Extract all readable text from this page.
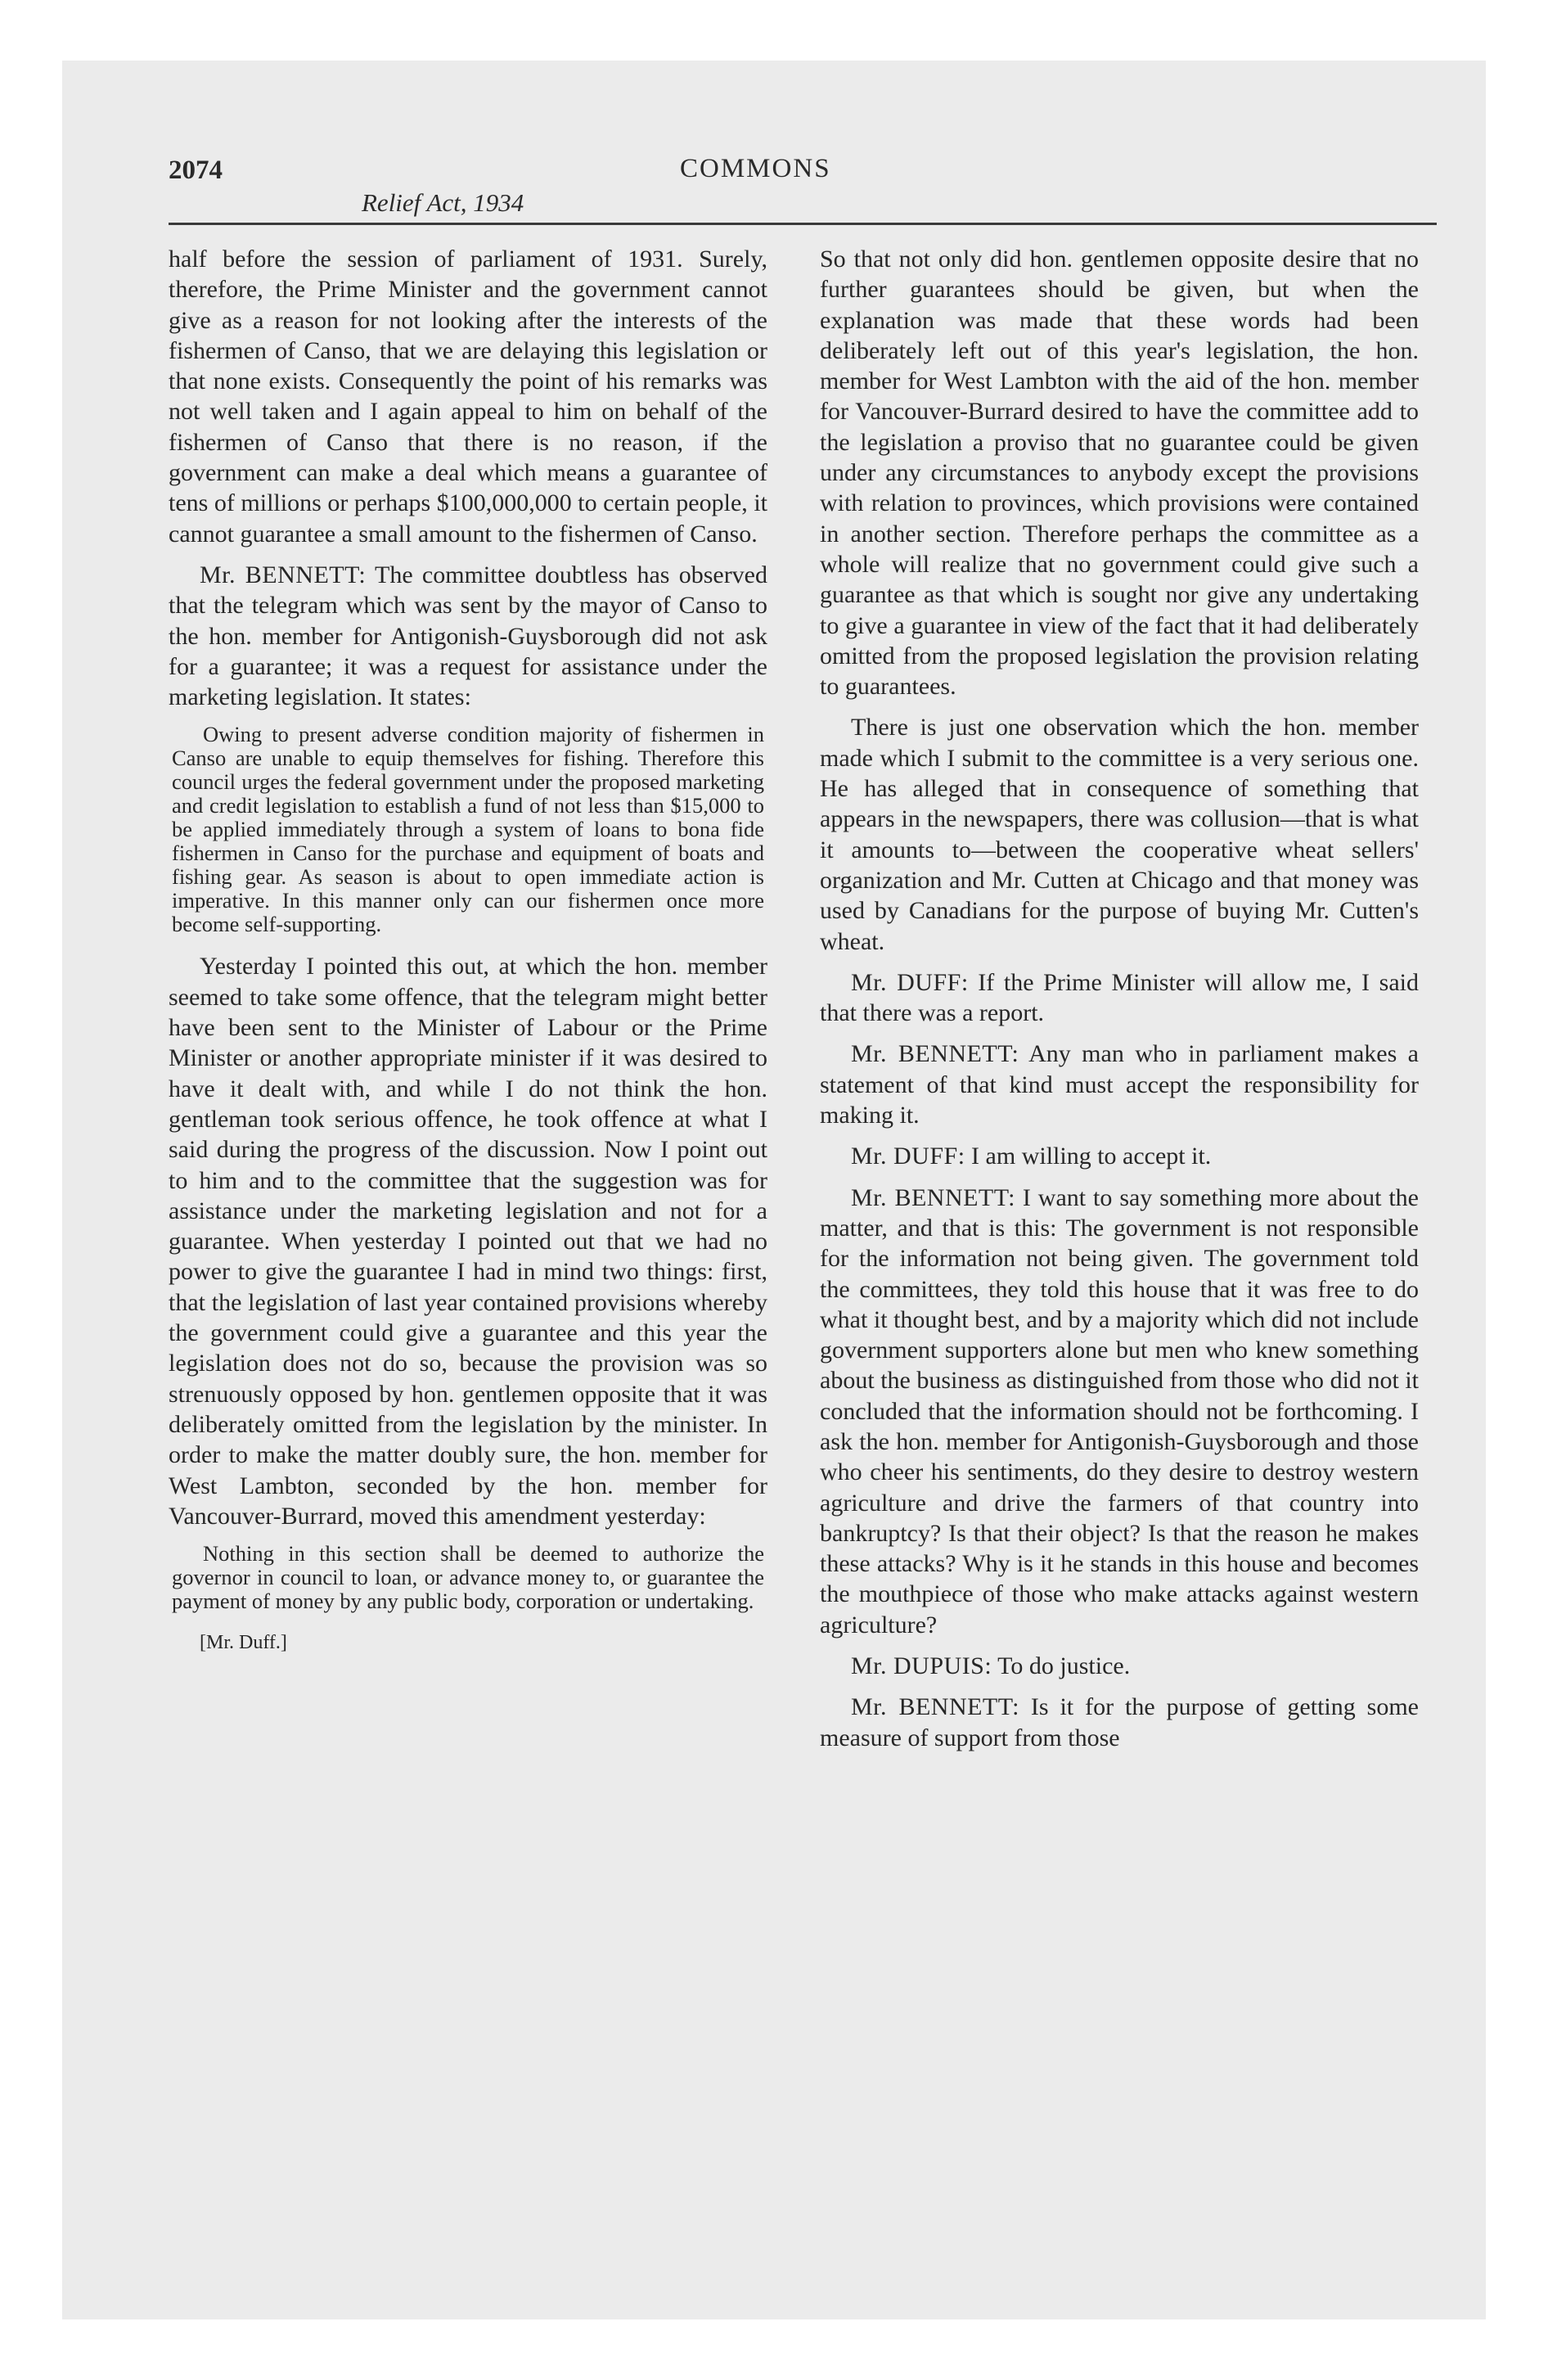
2074	COMMONS
Relief Act, 1934

half before the session of parliament of 1931. Surely, therefore, the Prime Minister and the government cannot give as a reason for not looking after the interests of the fishermen of Canso, that we are delaying this legislation or that none exists. Consequently the point of his remarks was not well taken and I again appeal to him on behalf of the fishermen of Canso that there is no reason, if the government can make a deal which means a guarantee of tens of millions or perhaps $100,000,000 to certain people, it cannot guarantee a small amount to the fishermen of Canso.

Mr. BENNETT: The committee doubtless has observed that the telegram which was sent by the mayor of Canso to the hon. member for Antigonish-Guysborough did not ask for a guarantee; it was a request for assistance under the marketing legislation. It states:

Owing to present adverse condition majority of fishermen in Canso are unable to equip themselves for fishing. Therefore this council urges the federal government under the proposed marketing and credit legislation to establish a fund of not less than $15,000 to be applied immediately through a system of loans to bona fide fishermen in Canso for the purchase and equipment of boats and fishing gear. As season is about to open immediate action is imperative. In this manner only can our fishermen once more become self-supporting.

Yesterday I pointed this out, at which the hon. member seemed to take some offence, that the telegram might better have been sent to the Minister of Labour or the Prime Minister or another appropriate minister if it was desired to have it dealt with, and while I do not think the hon. gentleman took serious offence, he took offence at what I said during the progress of the discussion. Now I point out to him and to the committee that the suggestion was for assistance under the marketing legislation and not for a guarantee. When yesterday I pointed out that we had no power to give the guarantee I had in mind two things: first, that the legislation of last year contained provisions whereby the government could give a guarantee and this year the legislation does not do so, because the provision was so strenuously opposed by hon. gentlemen opposite that it was deliberately omitted from the legislation by the minister. In order to make the matter doubly sure, the hon. member for West Lambton, seconded by the hon. member for Vancouver-Burrard, moved this amendment yesterday:

Nothing in this section shall be deemed to authorize the governor in council to loan, or advance money to, or guarantee the payment of money by any public body, corporation or undertaking.

[Mr. Duff.]

So that not only did hon. gentlemen opposite desire that no further guarantees should be given, but when the explanation was made that these words had been deliberately left out of this year's legislation, the hon. member for West Lambton with the aid of the hon. member for Vancouver-Burrard desired to have the committee add to the legislation a proviso that no guarantee could be given under any circumstances to anybody except the provisions with relation to provinces, which provisions were contained in another section. Therefore perhaps the committee as a whole will realize that no government could give such a guarantee as that which is sought nor give any undertaking to give a guarantee in view of the fact that it had deliberately omitted from the proposed legislation the provision relating to guarantees.

There is just one observation which the hon. member made which I submit to the committee is a very serious one. He has alleged that in consequence of something that appears in the newspapers, there was collusion—that is what it amounts to—between the cooperative wheat sellers' organization and Mr. Cutten at Chicago and that money was used by Canadians for the purpose of buying Mr. Cutten's wheat.

Mr. DUFF: If the Prime Minister will allow me, I said that there was a report.

Mr. BENNETT: Any man who in parliament makes a statement of that kind must accept the responsibility for making it.

Mr. DUFF: I am willing to accept it.

Mr. BENNETT: I want to say something more about the matter, and that is this: The government is not responsible for the information not being given. The government told the committees, they told this house that it was free to do what it thought best, and by a majority which did not include government supporters alone but men who knew something about the business as distinguished from those who did not it concluded that the information should not be forthcoming. I ask the hon. member for Antigonish-Guysborough and those who cheer his sentiments, do they desire to destroy western agriculture and drive the farmers of that country into bankruptcy? Is that their object? Is that the reason he makes these attacks? Why is it he stands in this house and becomes the mouthpiece of those who make attacks against western agriculture?

Mr. DUPUIS: To do justice.

Mr. BENNETT: Is it for the purpose of getting some measure of support from those
